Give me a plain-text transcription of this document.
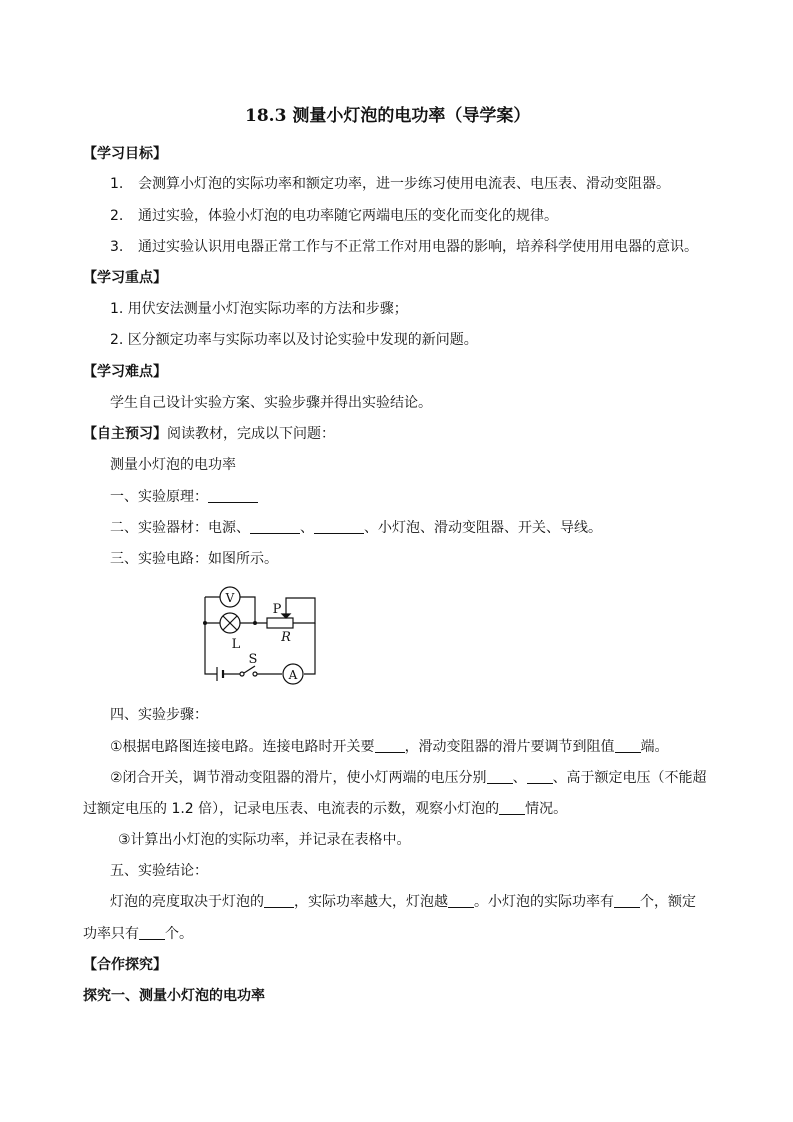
18.3 测量小灯泡的电功率（导学案）
【学习目标】
1. 会测算小灯泡的实际功率和额定功率，进一步练习使用电流表、电压表、滑动变阻器。
2. 通过实验，体验小灯泡的电功率随它两端电压的变化而变化的规律。
3. 通过实验认识用电器正常工作与不正常工作对用电器的影响，培养科学使用用电器的意识。
【学习重点】
1. 用伏安法测量小灯泡实际功率的方法和步骤；
2. 区分额定功率与实际功率以及讨论实验中发现的新问题。
【学习难点】
学生自己设计实验方案、实验步骤并得出实验结论。
【自主预习】阅读教材，完成以下问题：
测量小灯泡的电功率
一、实验原理：
二、实验器材：电源、	、	、小灯泡、滑动变阻器、开关、导线。
三、实验电路：如图所示。
V
A
L
S
P
R
四、实验步骤：
①根据电路图连接电路。连接电路时开关要 ，滑动变阻器的滑片要调节到阻值 端。
②闭合开关，调节滑动变阻器的滑片，使小灯两端的电压分别 、 、高于额定电压（不能超
过额定电压的 1.2 倍），记录电压表、电流表的示数，观察小灯泡的 情况。
③计算出小灯泡的实际功率，并记录在表格中。
五、实验结论：
灯泡的亮度取决于灯泡的 ，实际功率越大，灯泡越 。小灯泡的实际功率有 个，额定
功率只有 个。
【合作探究】
探究一、测量小灯泡的电功率
